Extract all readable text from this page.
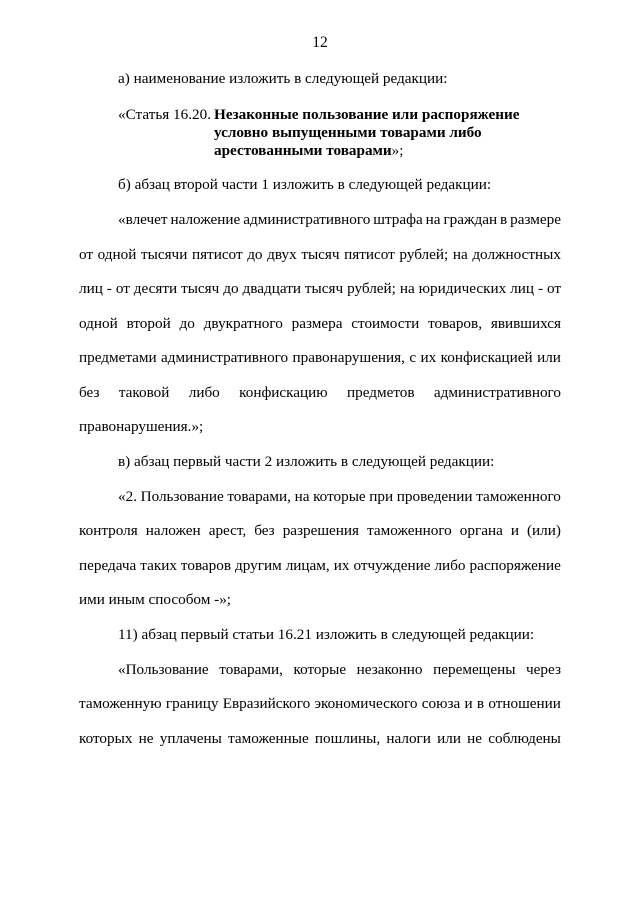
12
а) наименование изложить в следующей редакции:
«Статья 16.20. Незаконные пользование или распоряжение
условно выпущенными товарами либо
арестованными товарами»;
б) абзац второй части 1 изложить в следующей редакции:
«влечет наложение административного штрафа на граждан в размере
от одной тысячи пятисот до двух тысяч пятисот рублей; на должностных
лиц - от десяти тысяч до двадцати тысяч рублей; на юридических лиц - от
одной второй до двукратного размера стоимости товаров, явившихся
предметами административного правонарушения, с их конфискацией или
без таковой либо конфискацию предметов административного
правонарушения.»;
в) абзац первый части 2 изложить в следующей редакции:
«2. Пользование товарами, на которые при проведении таможенного
контроля наложен арест, без разрешения таможенного органа и (или)
передача таких товаров другим лицам, их отчуждение либо распоряжение
ими иным способом -»;
11) абзац первый статьи 16.21 изложить в следующей редакции:
«Пользование товарами, которые незаконно перемещены через
таможенную границу Евразийского экономического союза и в отношении
которых не уплачены таможенные пошлины, налоги или не соблюдены
